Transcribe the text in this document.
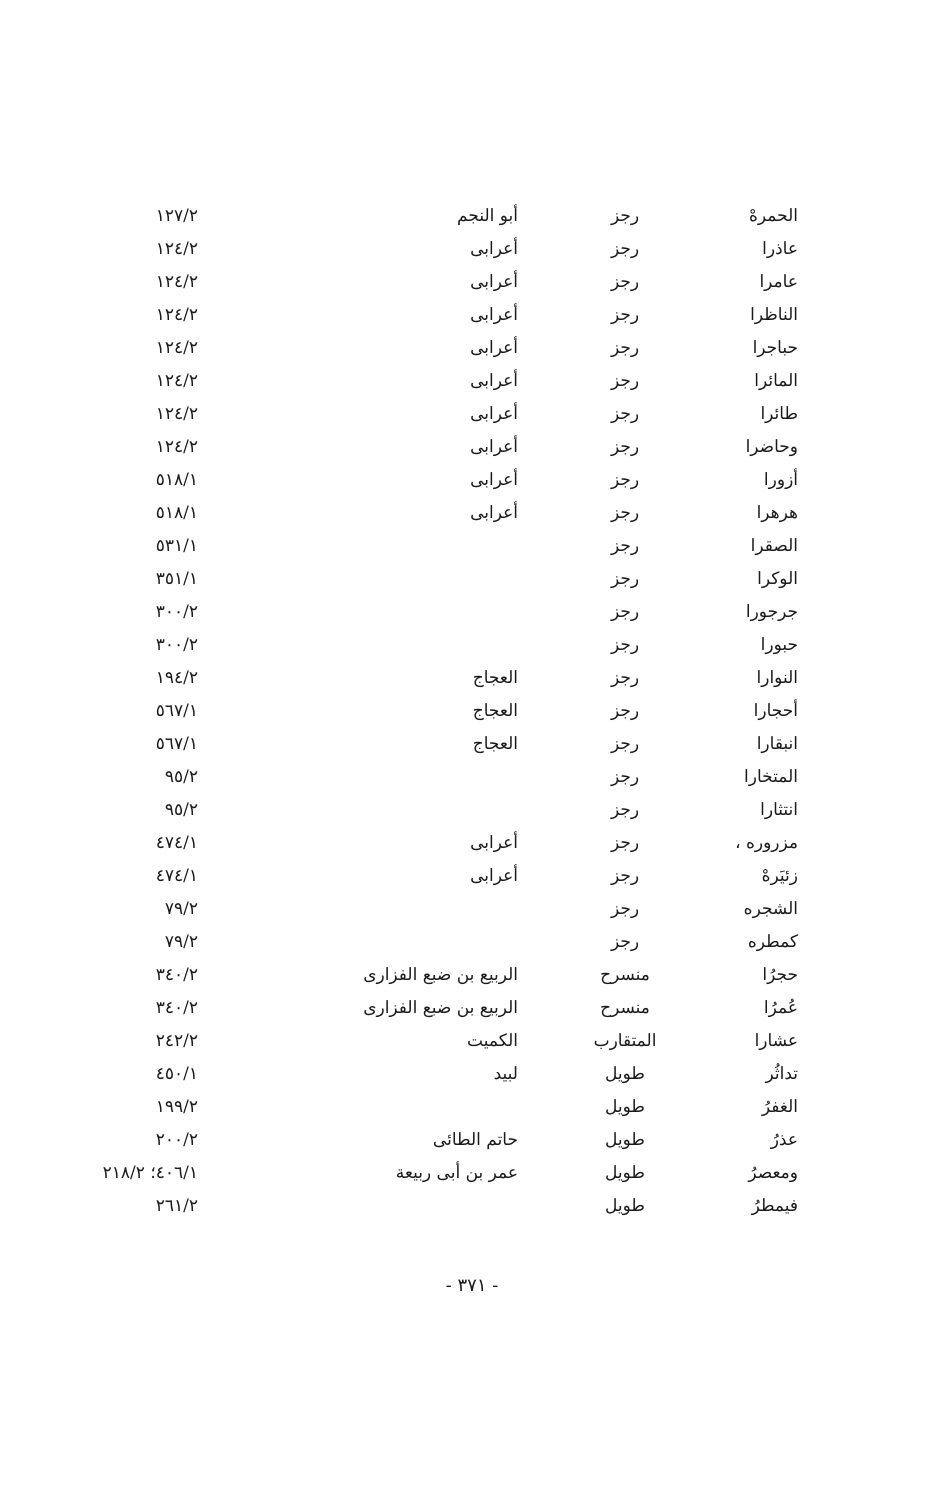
الحمرهْ
رجز
أبو النجم
١٢٧/٢
عاذرا
رجز
أعرابى
١٢٤/٢
عامرا
رجز
أعرابى
١٢٤/٢
الناظرا
رجز
أعرابى
١٢٤/٢
حباجرا
رجز
أعرابى
١٢٤/٢
المائرا
رجز
أعرابى
١٢٤/٢
طائرا
رجز
أعرابى
١٢٤/٢
وحاضرا
رجز
أعرابى
١٢٤/٢
أزورا
رجز
أعرابى
٥١٨/١
هرهرا
رجز
أعرابى
٥١٨/١
الصقرا
رجز
٥٣١/١
الوكرا
رجز
٣٥١/١
جرجورا
رجز
٣٠٠/٢
حبورا
رجز
٣٠٠/٢
النوارا
رجز
العجاج
١٩٤/٢
أحجارا
رجز
العجاج
٥٦٧/١
انبقارا
رجز
العجاج
٥٦٧/١
المتخارا
رجز
٩٥/٢
انتثارا
رجز
٩٥/٢
مزروره ،
رجز
أعرابى
٤٧٤/١
زئيَرهْ
رجز
أعرابى
٤٧٤/١
الشجره
رجز
٧٩/٢
كمطره
رجز
٧٩/٢
حجرُا
منسرح
الربيع بن ضبع الفزارى
٣٤٠/٢
عُمرُا
منسرح
الربيع بن ضبع الفزارى
٣٤٠/٢
عشارا
المتقارب
الكميت
٢٤٢/٢
تداثُر
طويل
لبيد
٤٥٠/١
الغفرُ
طويل
١٩٩/٢
عذرُ
طويل
حاتم الطائى
٢٠٠/٢
ومعصرُ
طويل
عمر بن أبى ربيعة
٤٠٦/١؛ ٢١٨/٢
فيمطرُ
طويل
٢٦١/٢
- ٣٧١ -
